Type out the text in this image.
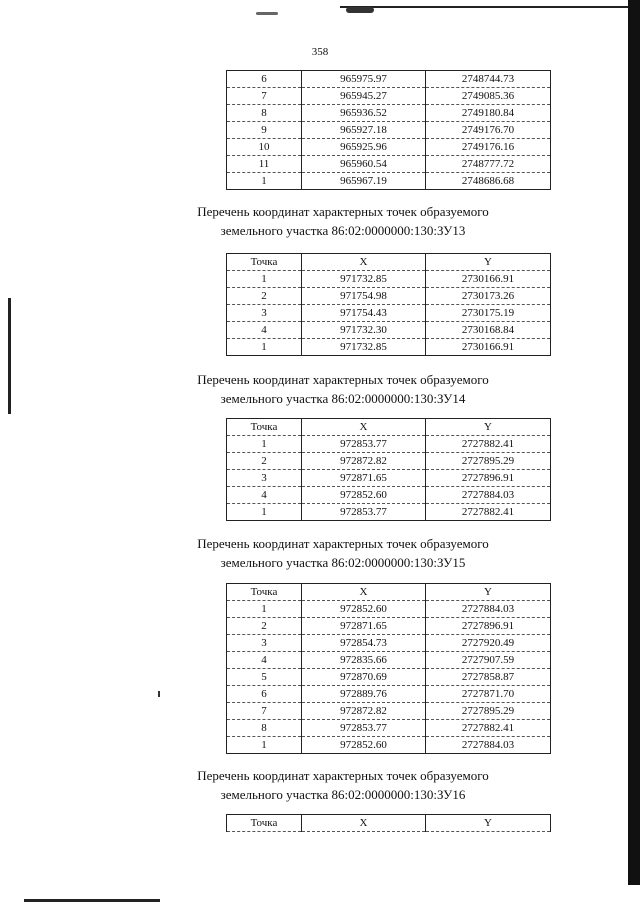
358
6	965975.97	2748744.73
7	965945.27	2749085.36
8	965936.52	2749180.84
9	965927.18	2749176.70
10	965925.96	2749176.16
11	965960.54	2748777.72
1	965967.19	2748686.68
Перечень координат характерных точек образуемого
земельного участка 86:02:0000000:130:ЗУ13
Точка	X	Y
1	971732.85	2730166.91
2	971754.98	2730173.26
3	971754.43	2730175.19
4	971732.30	2730168.84
1	971732.85	2730166.91
Перечень координат характерных точек образуемого
земельного участка 86:02:0000000:130:ЗУ14
Точка	X	Y
1	972853.77	2727882.41
2	972872.82	2727895.29
3	972871.65	2727896.91
4	972852.60	2727884.03
1	972853.77	2727882.41
Перечень координат характерных точек образуемого
земельного участка 86:02:0000000:130:ЗУ15
Точка	X	Y
1	972852.60	2727884.03
2	972871.65	2727896.91
3	972854.73	2727920.49
4	972835.66	2727907.59
5	972870.69	2727858.87
6	972889.76	2727871.70
7	972872.82	2727895.29
8	972853.77	2727882.41
1	972852.60	2727884.03
Перечень координат характерных точек образуемого
земельного участка 86:02:0000000:130:ЗУ16
Точка	X	Y
